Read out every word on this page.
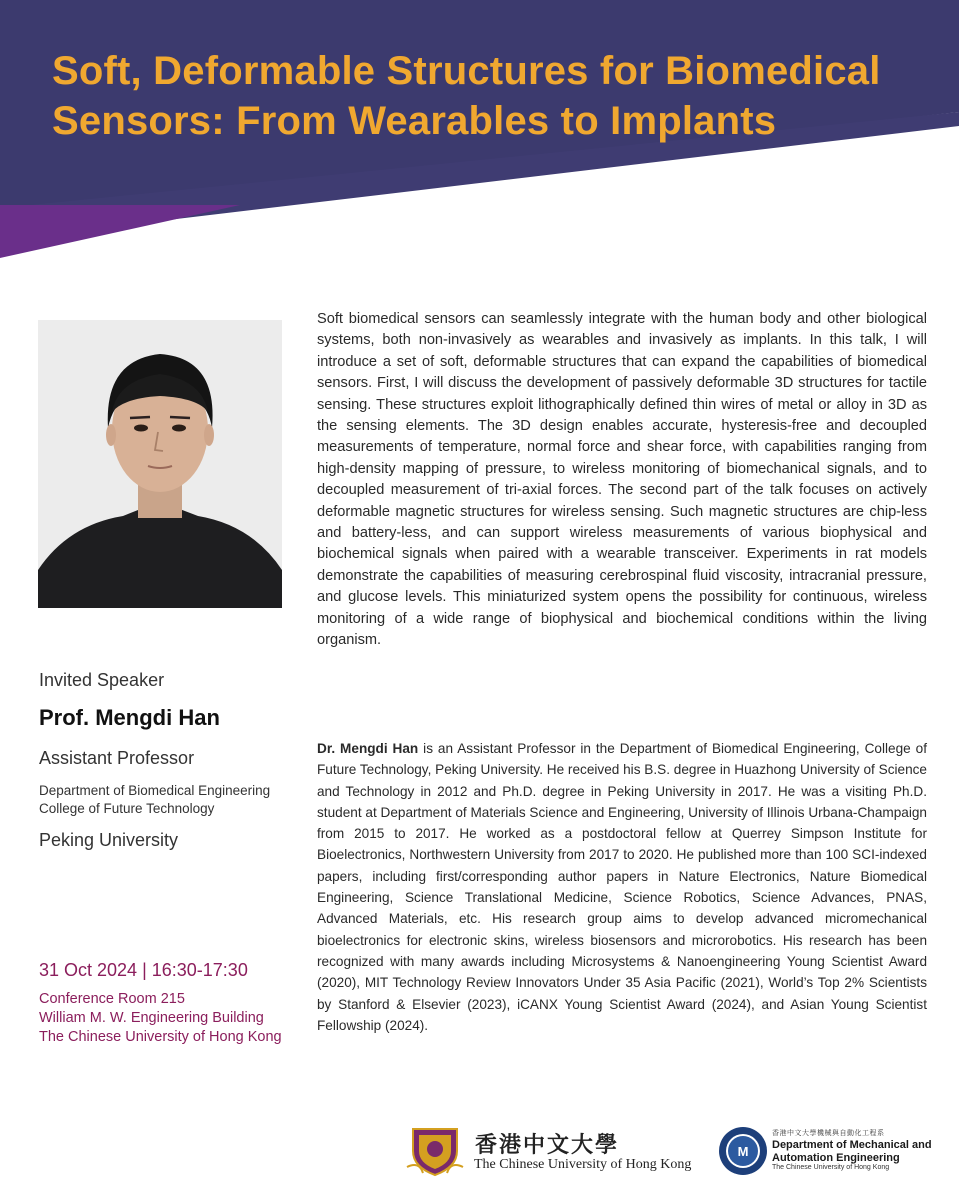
Soft, Deformable Structures for Biomedical
Sensors: From Wearables to Implants
Invited Speaker
Prof. Mengdi Han
Assistant Professor
Department of Biomedical Engineering
College of Future Technology
Peking University
31 Oct 2024 | 16:30-17:30
Conference Room 215
William M. W. Engineering Building
The Chinese University of Hong Kong
Soft biomedical sensors can seamlessly integrate with the human body and other biological systems, both non-invasively as wearables and invasively as implants. In this talk, I will introduce a set of soft, deformable structures that can expand the capabilities of biomedical sensors. First, I will discuss the development of passively deformable 3D structures for tactile sensing. These structures exploit lithographically defined thin wires of metal or alloy in 3D as the sensing elements. The 3D design enables accurate, hysteresis-free and decoupled measurements of temperature, normal force and shear force, with capabilities ranging from high-density mapping of pressure, to wireless monitoring of biomechanical signals, and to decoupled measurement of tri-axial forces. The second part of the talk focuses on actively deformable magnetic structures for wireless sensing. Such magnetic structures are chip-less and battery-less, and can support wireless measurements of various biophysical and biochemical signals when paired with a wearable transceiver. Experiments in rat models demonstrate the capabilities of measuring cerebrospinal fluid viscosity, intracranial pressure, and glucose levels. This miniaturized system opens the possibility for continuous, wireless monitoring of a wide range of biophysical and biochemical conditions within the living organism.
Dr. Mengdi Han is an Assistant Professor in the Department of Biomedical Engineering, College of Future Technology, Peking University. He received his B.S. degree in Huazhong University of Science and Technology in 2012 and Ph.D. degree in Peking University in 2017. He was a visiting Ph.D. student at Department of Materials Science and Engineering, University of Illinois Urbana-Champaign from 2015 to 2017. He worked as a postdoctoral fellow at Querrey Simpson Institute for Bioelectronics, Northwestern University from 2017 to 2020. He published more than 100 SCI-indexed papers, including first/corresponding author papers in Nature Electronics, Nature Biomedical Engineering, Science Translational Medicine, Science Robotics, Science Advances, PNAS, Advanced Materials, etc. His research group aims to develop advanced micromechanical bioelectronics for electronic skins, wireless biosensors and microrobotics. His research has been recognized with many awards including Microsystems & Nanoengineering Young Scientist Award (2020), MIT Technology Review Innovators Under 35 Asia Pacific (2021), World’s Top 2% Scientists by Stanford & Elsevier (2023), iCANX Young Scientist Award (2024), and Asian Young Scientist Fellowship (2024).
香港中文大學
The Chinese University of Hong Kong
M
香港中文大學機械與自動化工程系
Department of Mechanical and
Automation Engineering
The Chinese University of Hong Kong
